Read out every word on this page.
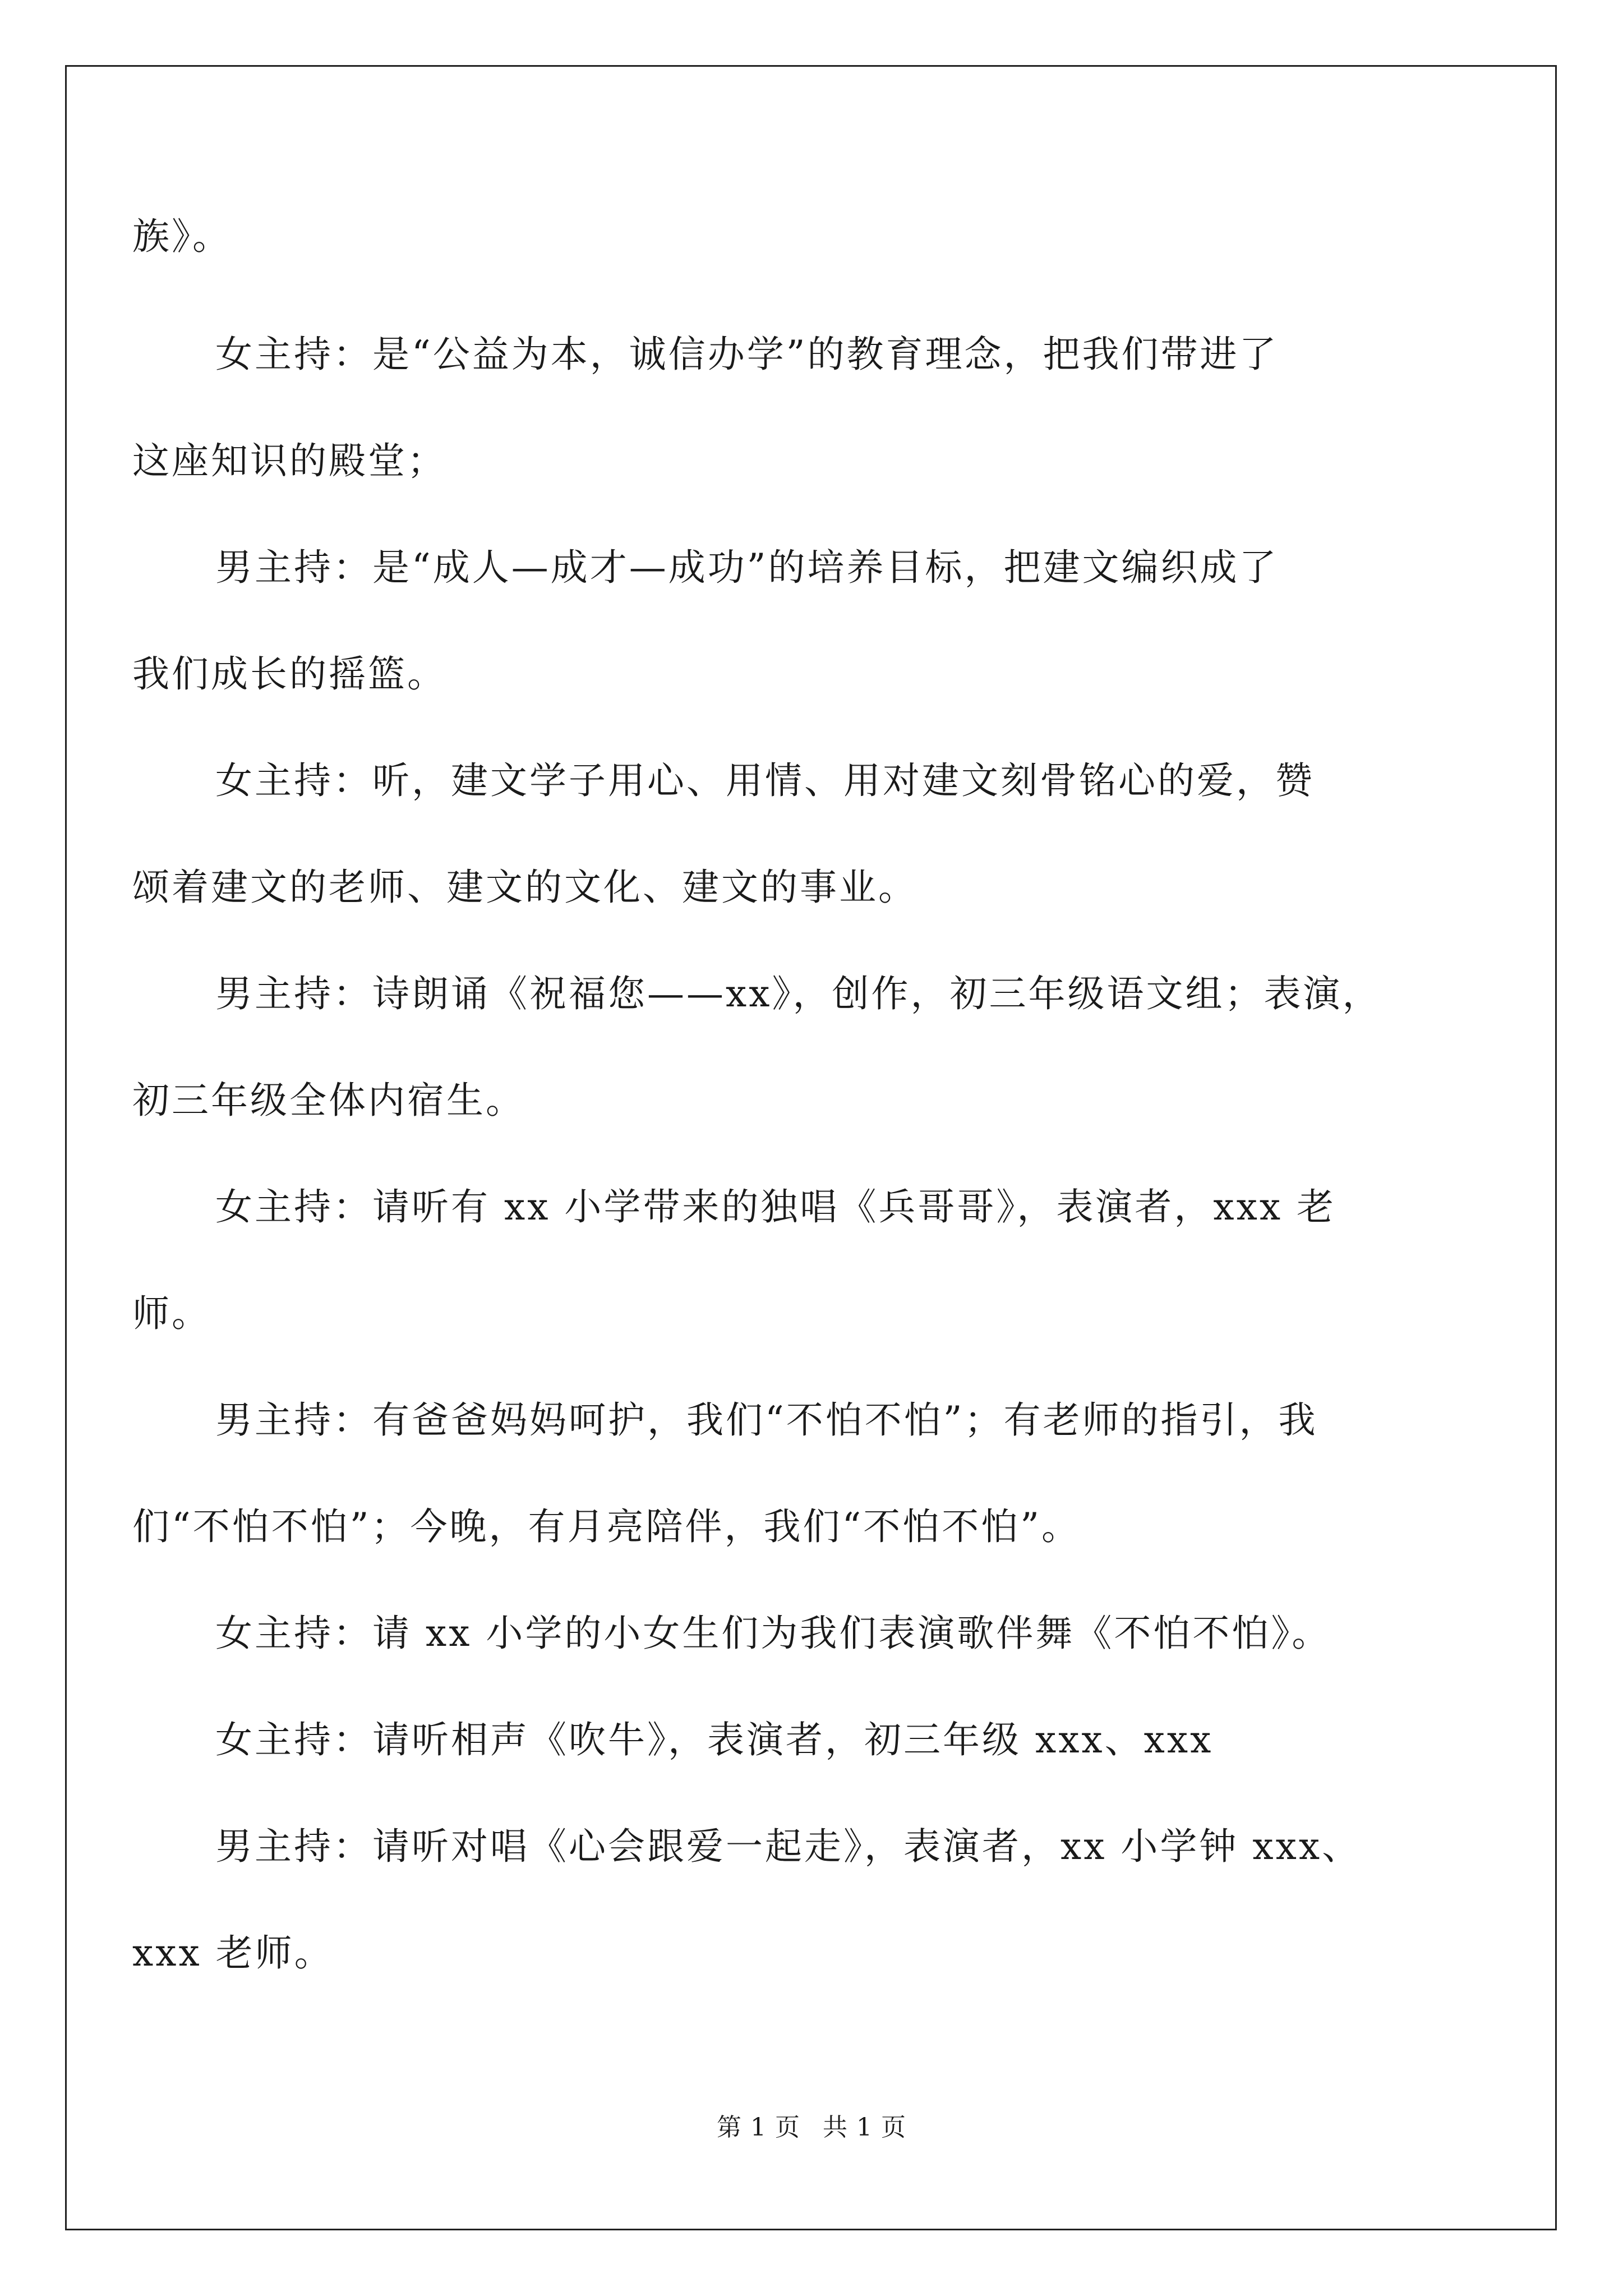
族》。
女主持：是“公益为本，诚信办学”的教育理念，把我们带进了
这座知识的殿堂；
男主持：是“成人—成才—成功”的培养目标，把建文编织成了
我们成长的摇篮。
女主持：听，建文学子用心、用情、用对建文刻骨铭心的爱，赞
颂着建文的老师、建文的文化、建文的事业。
男主持：诗朗诵《祝福您——xx》，创作，初三年级语文组；表演，
初三年级全体内宿生。
女主持：请听有 xx 小学带来的独唱《兵哥哥》，表演者，xxx 老
师。
男主持：有爸爸妈妈呵护，我们“不怕不怕”；有老师的指引，我
们“不怕不怕”；今晚，有月亮陪伴，我们“不怕不怕”。
女主持：请 xx 小学的小女生们为我们表演歌伴舞《不怕不怕》。
女主持：请听相声《吹牛》，表演者，初三年级 xxx、xxx
男主持：请听对唱《心会跟爱一起走》，表演者，xx 小学钟 xxx、
xxx 老师。
第 1 页 共 1 页
